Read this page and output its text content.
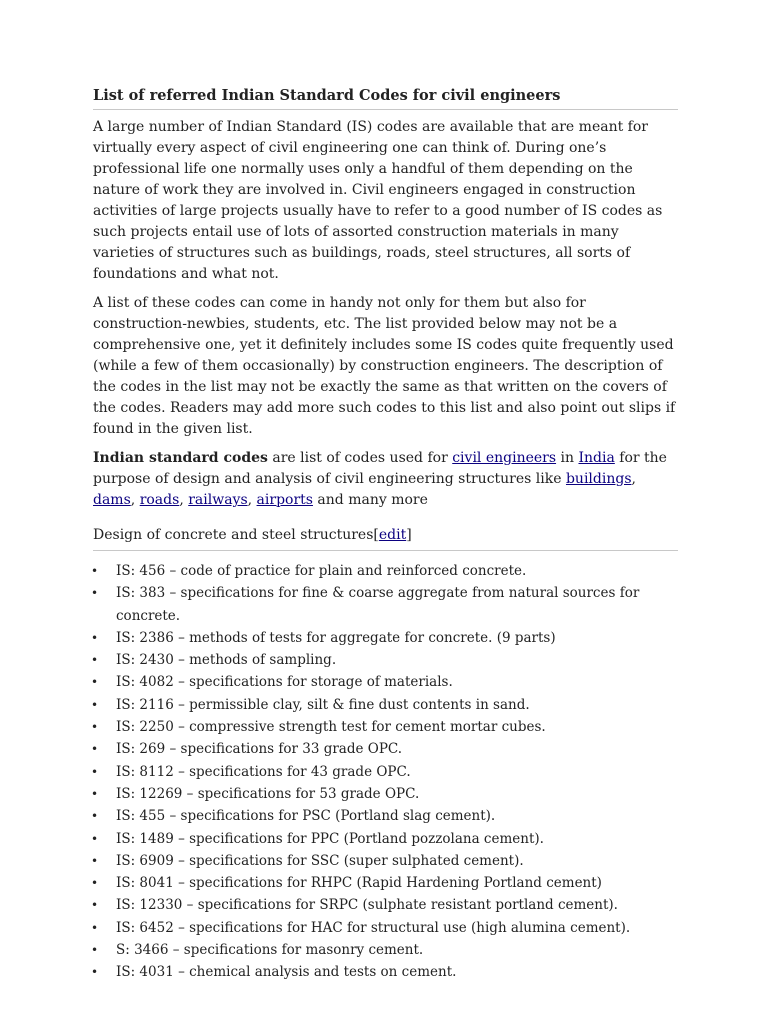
List of referred Indian Standard Codes for civil engineers

A large number of Indian Standard (IS) codes are available that are meant for virtually every aspect of civil engineering one can think of. During one’s professional life one normally uses only a handful of them depending on the nature of work they are involved in. Civil engineers engaged in construction activities of large projects usually have to refer to a good number of IS codes as such projects entail use of lots of assorted construction materials in many varieties of structures such as buildings, roads, steel structures, all sorts of foundations and what not.

A list of these codes can come in handy not only for them but also for construction-newbies, students, etc. The list provided below may not be a comprehensive one, yet it definitely includes some IS codes quite frequently used (while a few of them occasionally) by construction engineers. The description of the codes in the list may not be exactly the same as that written on the covers of the codes. Readers may add more such codes to this list and also point out slips if found in the given list.

Indian standard codes are list of codes used for civil engineers in India for the purpose of design and analysis of civil engineering structures like buildings, dams, roads, railways, airports and many more

Design of concrete and steel structures[edit]
• IS: 456 – code of practice for plain and reinforced concrete.
• IS: 383 – specifications for fine & coarse aggregate from natural sources for concrete.
• IS: 2386 – methods of tests for aggregate for concrete. (9 parts)
• IS: 2430 – methods of sampling.
• IS: 4082 – specifications for storage of materials.
• IS: 2116 – permissible clay, silt & fine dust contents in sand.
• IS: 2250 – compressive strength test for cement mortar cubes.
• IS: 269 – specifications for 33 grade OPC.
• IS: 8112 – specifications for 43 grade OPC.
• IS: 12269 – specifications for 53 grade OPC.
• IS: 455 – specifications for PSC (Portland slag cement).
• IS: 1489 – specifications for PPC (Portland pozzolana cement).
• IS: 6909 – specifications for SSC (super sulphated cement).
• IS: 8041 – specifications for RHPC (Rapid Hardening Portland cement)
• IS: 12330 – specifications for SRPC (sulphate resistant portland cement).
• IS: 6452 – specifications for HAC for structural use (high alumina cement).
• S: 3466 – specifications for masonry cement.
• IS: 4031 – chemical analysis and tests on cement.
